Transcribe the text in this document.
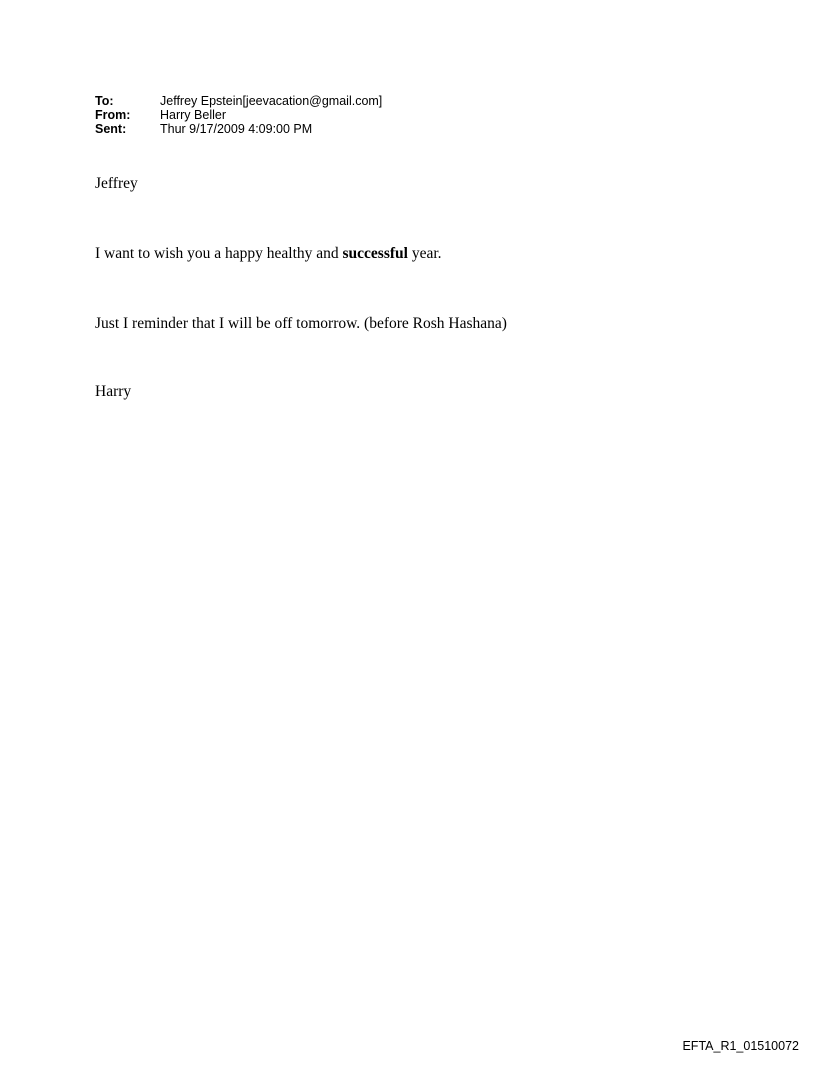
To:	Jeffrey Epstein[jeevacation@gmail.com]
From:	Harry Beller
Sent:	Thur 9/17/2009 4:09:00 PM
Jeffrey
I want to wish you a happy healthy and successful year.
Just I reminder that I will be off tomorrow. (before Rosh Hashana)
Harry
EFTA_R1_01510072
